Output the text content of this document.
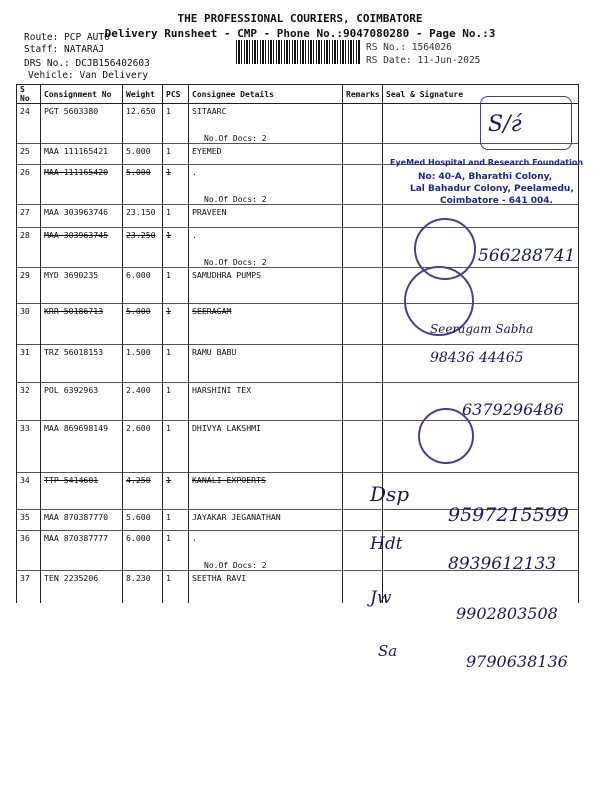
THE PROFESSIONAL COURIERS, COIMBATORE
Delivery Runsheet - CMP - Phone No.:9047080280 - Page No.:3
Route: PCP AUTO
Staff: NATARAJ
DRS No.: DCJB156402603
Vehicle: Van Delivery
RS No.: 1564026
RS Date: 11-Jun-2025
S No	Consignment No	Weight	PCS	Consignee Details	Remarks	Seal & Signature
24	PGT 5603380	12.650	1	SITAARC
No.Of Docs: 2		

25	MAA 111165421	5.000	1	EYEMED		
26	MAA 111165420	5.000	1	.
No.Of Docs: 2		

27	MAA 303963746	23.150	1	PRAVEEN		
28	MAA 303963745	23.250	1	.
No.Of Docs: 2		

29	MYD 3690235	6.000	1	SAMUDHRA PUMPS		
30	KRR 50186713	5.000	1	SEERAGAM		
31	TRZ 56018153	1.500	1	RAMU BABU		
32	POL 6392963	2.400	1	HARSHINI TEX		
33	MAA 869698149	2.600	1	DHIVYA LAKSHMI		
34	TTP 5414601	4.250	1	KANALI EXPOERTS		
35	MAA 870387770	5.600	1	JAYAKAR JEGANATHAN		
36	MAA 870387777	6.000	1	.
No.Of Docs: 2		

37	TEN 2235206	8.230	1	SEETHA RAVI		
EyeMed Hospital and Research Foundation
No: 40-A, Bharathi Colony,
Lal Bahadur Colony, Peelamedu,
Coimbatore - 641 004.
Ѕ/ѓ
566288741
Seeragam Sabha
98436 44465
6379296486
Dsp
9597215599
Hdt
8939612133
Jw
9902803508
Sa
9790638136
